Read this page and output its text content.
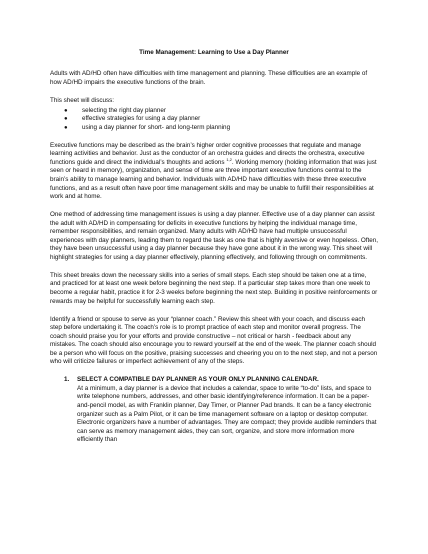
Time Management: Learning to Use a Day Planner

Adults with AD/HD often have difficulties with time management and planning. These difficulties are an example of how AD/HD impairs the executive functions of the brain.

This sheet will discuss:

● selecting the right day planner
● effective strategies for using a day planner
● using a day planner for short- and long-term planning

Executive functions may be described as the brain’s higher order cognitive processes that regulate and manage learning activities and behavior. Just as the conductor of an orchestra guides and directs the orchestra, executive functions guide and direct the individual’s thoughts and actions $^{1,2}$. Working memory (holding information that was just seen or heard in memory), organization, and sense of time are three important executive functions central to the brain’s ability to manage learning and behavior. Individuals with AD/HD have difficulties with these three executive functions, and as a result often have poor time management skills and may be unable to fulfill their responsibilities at work and at home.

One method of addressing time management issues is using a day planner. Effective use of a day planner can assist the adult with AD/HD in compensating for deficits in executive functions by helping the individual manage time, remember responsibilities, and remain organized. Many adults with AD/HD have had multiple unsuccessful experiences with day planners, leading them to regard the task as one that is highly aversive or even hopeless. Often, they have been unsuccessful using a day planner because they have gone about it in the wrong way. This sheet will highlight strategies for using a day planner effectively, planning effectively, and following through on commitments.

This sheet breaks down the necessary skills into a series of small steps. Each step should be taken one at a time, and practiced for at least one week before beginning the next step. If a particular step takes more than one week to become a regular habit, practice it for 2-3 weeks before beginning the next step. Building in positive reinforcements or rewards may be helpful for successfully learning each step.

Identify a friend or spouse to serve as your “planner coach.” Review this sheet with your coach, and discuss each step before undertaking it. The coach’s role is to prompt practice of each step and monitor overall progress. The coach should praise you for your efforts and provide constructive – not critical or harsh - feedback about any mistakes. The coach should also encourage you to reward yourself at the end of the week. The planner coach should be a person who will focus on the positive, praising successes and cheering you on to the next step, and not a person who will criticize failures or imperfect achievement of any of the steps.

1. SELECT A COMPATIBLE DAY PLANNER AS YOUR ONLY PLANNING CALENDAR.
At a minimum, a day planner is a device that includes a calendar, space to write “to-do” lists, and space to write telephone numbers, addresses, and other basic identifying/reference information. It can be a paper-and-pencil model, as with Franklin planner, Day Timer, or Planner Pad brands. It can be a fancy electronic organizer such as a Palm Pilot, or it can be time management software on a laptop or desktop computer. Electronic organizers have a number of advantages. They are compact; they provide audible reminders that can serve as memory management aides, they can sort, organize, and store more information more efficiently than
